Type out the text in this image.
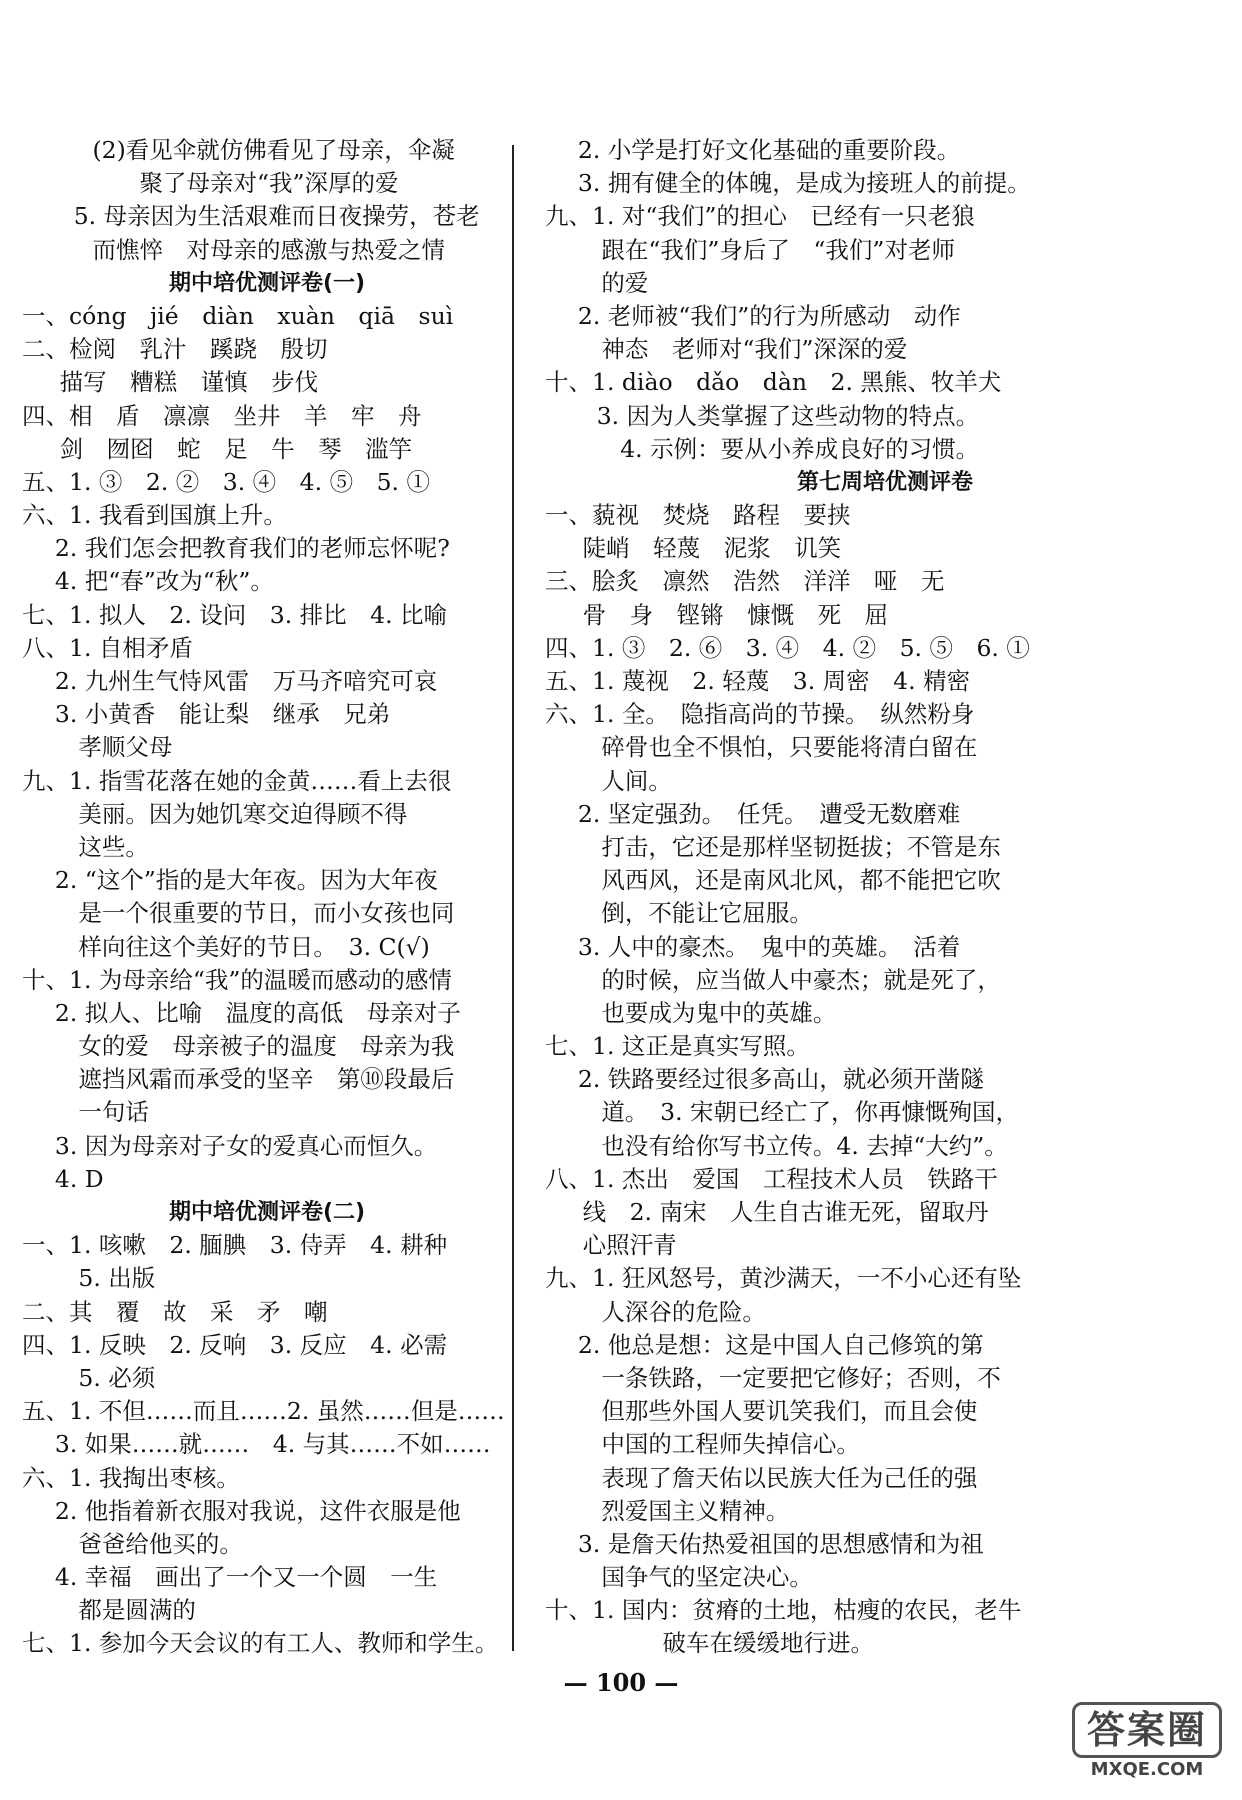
　(2)看见伞就仿佛看见了母亲，伞凝
聚了母亲对“我”深厚的爱
5. 母亲因为生活艰难而日夜操劳，苍老
而憔悴　对母亲的感激与热爱之情
期中培优测评卷(一)
一、cóng　jié　diàn　xuàn　qiā　suì
二、检阅　乳汁　蹊跷　殷切
描写　糟糕　谨慎　步伐
四、相　盾　凛凛　坐井　羊　牢　舟
剑　囫囵　蛇　足　牛　琴　滥竽
五、1. ③　2. ②　3. ④　4. ⑤　5. ①
六、1. 我看到国旗上升。
2. 我们怎会把教育我们的老师忘怀呢?
4. 把“春”改为“秋”。
七、1. 拟人　2. 设问　3. 排比　4. 比喻
八、1. 自相矛盾
2. 九州生气恃风雷　万马齐喑究可哀
3. 小黄香　能让梨　继承　兄弟
孝顺父母
九、1. 指雪花落在她的金黄……看上去很
美丽。因为她饥寒交迫得顾不得
这些。
2. “这个”指的是大年夜。因为大年夜
是一个很重要的节日，而小女孩也同
样向往这个美好的节日。　3. C(√)
十、1. 为母亲给“我”的温暖而感动的感情
2. 拟人、比喻　温度的高低　母亲对子
女的爱　母亲被子的温度　母亲为我
遮挡风霜而承受的坚辛　第⑩段最后
一句话
3. 因为母亲对子女的爱真心而恒久。
4. D
期中培优测评卷(二)
一、1. 咳嗽　2. 腼腆　3. 侍弄　4. 耕种
5. 出版
二、其　覆　故　采　矛　嘲
四、1. 反映　2. 反响　3. 反应　4. 必需
5. 必须
五、1. 不但……而且……2. 虽然……但是……
3. 如果……就……　4. 与其……不如……
六、1. 我掏出枣核。
2. 他指着新衣服对我说，这件衣服是他
爸爸给他买的。
4. 幸福　画出了一个又一个圆　一生
都是圆满的
七、1. 参加今天会议的有工人、教师和学生。
2. 小学是打好文化基础的重要阶段。
3. 拥有健全的体魄，是成为接班人的前提。
九、1. 对“我们”的担心　已经有一只老狼
跟在“我们”身后了　“我们”对老师
的爱
2. 老师被“我们”的行为所感动　动作
神态　老师对“我们”深深的爱
十、1. diào　dǎo　dàn　2. 黑熊、牧羊犬
3. 因为人类掌握了这些动物的特点。
4. 示例：要从小养成良好的习惯。
第七周培优测评卷
一、藐视　焚烧　路程　要挟
陡峭　轻蔑　泥浆　讥笑
三、脍炙　凛然　浩然　洋洋　哑　无
骨　身　铿锵　慷慨　死　屈
四、1. ③　2. ⑥　3. ④　4. ②　5. ⑤　6. ①
五、1. 蔑视　2. 轻蔑　3. 周密　4. 精密
六、1. 全。　隐指高尚的节操。　纵然粉身
碎骨也全不惧怕，只要能将清白留在
人间。
2. 坚定强劲。　任凭。　遭受无数磨难
打击，它还是那样坚韧挺拔；不管是东
风西风，还是南风北风，都不能把它吹
倒，不能让它屈服。
3. 人中的豪杰。　鬼中的英雄。　活着
的时候，应当做人中豪杰；就是死了，
也要成为鬼中的英雄。
七、1. 这正是真实写照。
2. 铁路要经过很多高山，就必须开凿隧
道。　3. 宋朝已经亡了，你再慷慨殉国，
也没有给你写书立传。4. 去掉“大约”。
八、1. 杰出　爱国　工程技术人员　铁路干
线　2. 南宋　人生自古谁无死，留取丹
心照汗青
九、1. 狂风怒号，黄沙满天，一不小心还有坠
人深谷的危险。
2. 他总是想：这是中国人自己修筑的第
一条铁路，一定要把它修好；否则，不
但那些外国人要讥笑我们，而且会使
中国的工程师失掉信心。
表现了詹天佑以民族大任为己任的强
烈爱国主义精神。
3. 是詹天佑热爱祖国的思想感情和为祖
国争气的坚定决心。
十、1. 国内：贫瘠的土地，枯瘦的农民，老牛
破车在缓缓地行进。
— 100 —
答案圈
MXQE.COM
